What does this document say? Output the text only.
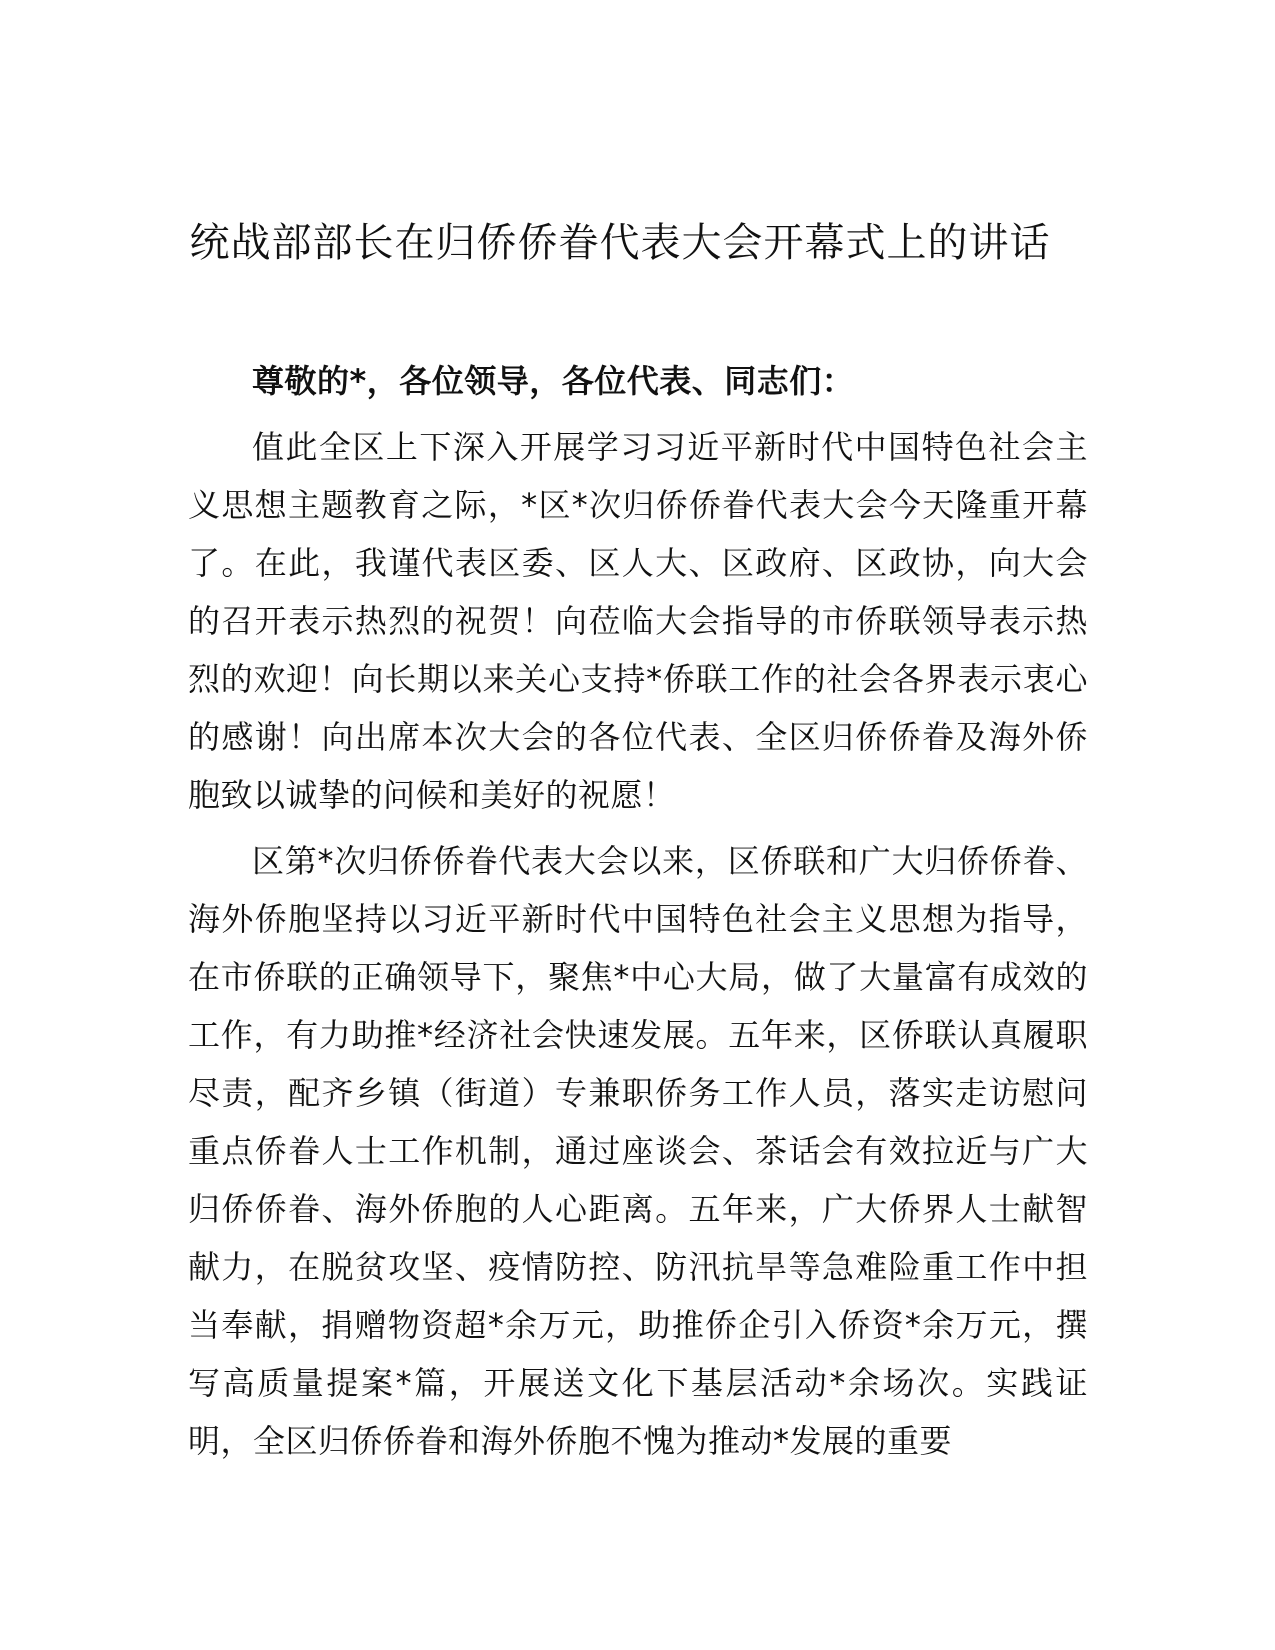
统战部部长在归侨侨眷代表大会开幕式上的讲话

尊敬的*，各位领导，各位代表、同志们：

值此全区上下深入开展学习习近平新时代中国特色社会主义思想主题教育之际，*区*次归侨侨眷代表大会今天隆重开幕了。在此，我谨代表区委、区人大、区政府、区政协，向大会的召开表示热烈的祝贺！向莅临大会指导的市侨联领导表示热烈的欢迎！向长期以来关心支持*侨联工作的社会各界表示衷心的感谢！向出席本次大会的各位代表、全区归侨侨眷及海外侨胞致以诚挚的问候和美好的祝愿！

区第*次归侨侨眷代表大会以来，区侨联和广大归侨侨眷、海外侨胞坚持以习近平新时代中国特色社会主义思想为指导，在市侨联的正确领导下，聚焦*中心大局，做了大量富有成效的工作，有力助推*经济社会快速发展。五年来，区侨联认真履职尽责，配齐乡镇（街道）专兼职侨务工作人员，落实走访慰问重点侨眷人士工作机制，通过座谈会、茶话会有效拉近与广大归侨侨眷、海外侨胞的人心距离。五年来，广大侨界人士献智献力，在脱贫攻坚、疫情防控、防汛抗旱等急难险重工作中担当奉献，捐赠物资超*余万元，助推侨企引入侨资*余万元，撰写高质量提案*篇，开展送文化下基层活动*余场次。实践证明，全区归侨侨眷和海外侨胞不愧为推动*发展的重要
